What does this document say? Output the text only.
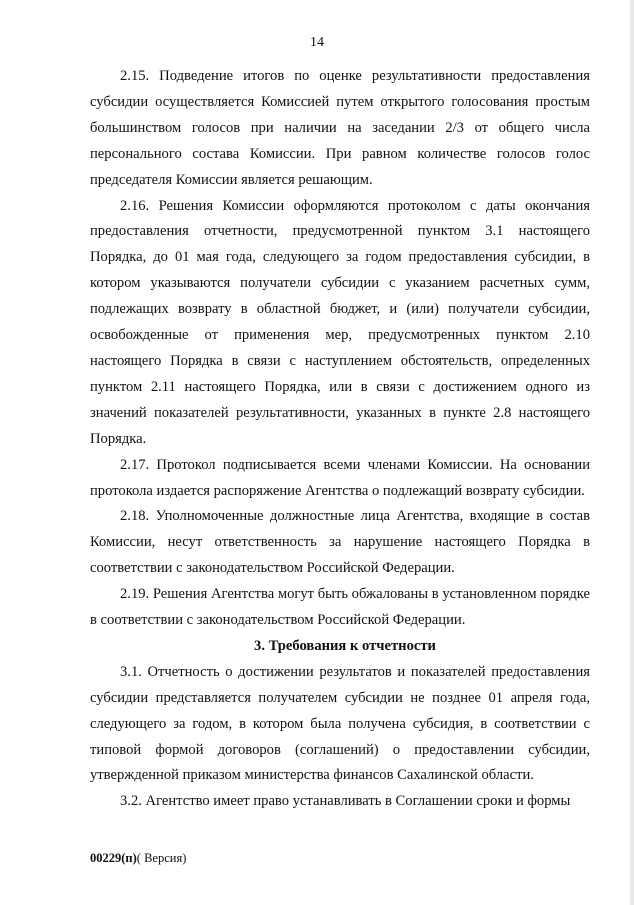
14

2.15. Подведение итогов по оценке результативности предоставления субсидии осуществляется Комиссией путем открытого голосования простым большинством голосов при наличии на заседании 2/3 от общего числа персонального состава Комиссии. При равном количестве голосов голос председателя Комиссии является решающим.

2.16. Решения Комиссии оформляются протоколом с даты окончания предоставления отчетности, предусмотренной пунктом 3.1 настоящего Порядка, до 01 мая года, следующего за годом предоставления субсидии, в котором указываются получатели субсидии с указанием расчетных сумм, подлежащих возврату в областной бюджет, и (или) получатели субсидии, освобожденные от применения мер, предусмотренных пунктом 2.10 настоящего Порядка в связи с наступлением обстоятельств, определенных пунктом 2.11 настоящего Порядка, или в связи с достижением одного из значений показателей результативности, указанных в пункте 2.8 настоящего Порядка.

2.17. Протокол подписывается всеми членами Комиссии. На основании протокола издается распоряжение Агентства о подлежащий возврату субсидии.

2.18. Уполномоченные должностные лица Агентства, входящие в состав Комиссии, несут ответственность за нарушение настоящего Порядка в соответствии с законодательством Российской Федерации.

2.19. Решения Агентства могут быть обжалованы в установленном порядке в соответствии с законодательством Российской Федерации.

3. Требования к отчетности

3.1. Отчетность о достижении результатов и показателей предоставления субсидии представляется получателем субсидии не позднее 01 апреля года, следующего за годом, в котором была получена субсидия, в соответствии с типовой формой договоров (соглашений) о предоставлении субсидии, утвержденной приказом министерства финансов Сахалинской области.

3.2. Агентство имеет право устанавливать в Соглашении сроки и формы

00229(п)( Версия)
